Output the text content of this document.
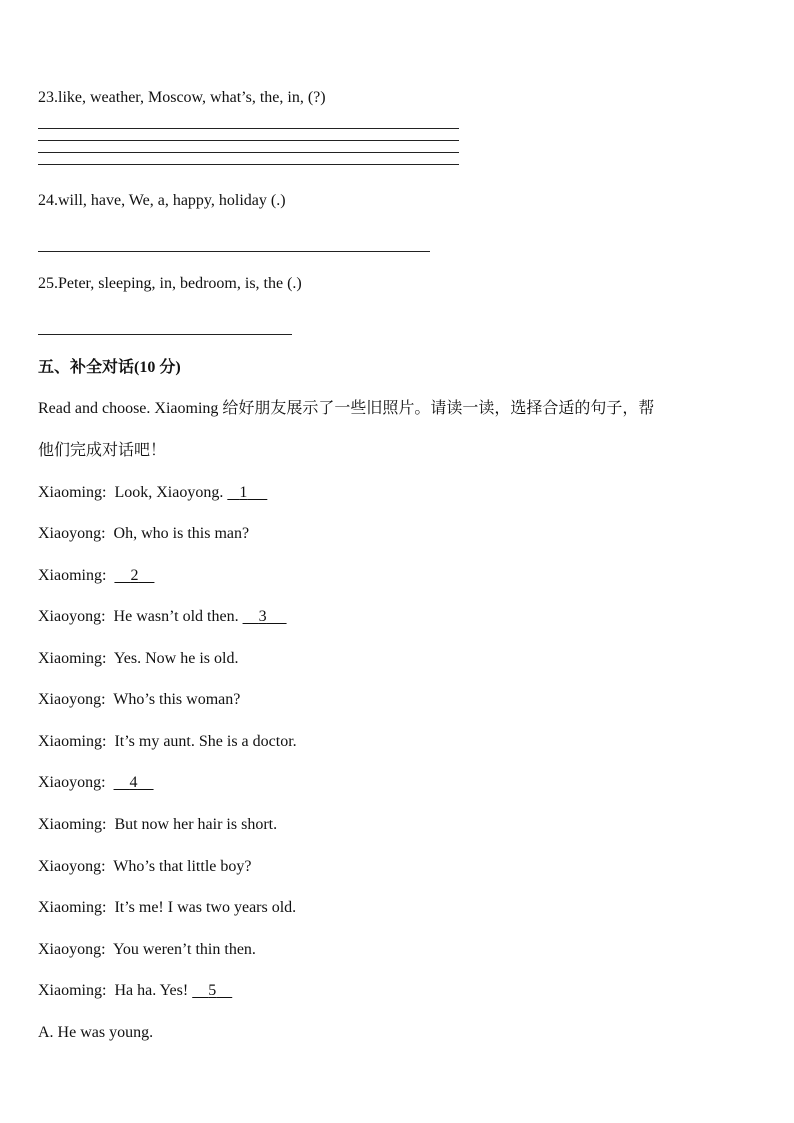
23.like, weather, Moscow, what’s, the, in, (?)
24.will, have, We, a, happy, holiday (.)
25.Peter, sleeping, in, bedroom, is, the (.)
五、补全对话(10 分)
Read and choose. Xiaoming 给好朋友展示了一些旧照片。请读一读，选择合适的句子，帮
他们完成对话吧！
Xiaoming: Look, Xiaoyong. 1
Xiaoyong: Oh, who is this man?
Xiaoming: 2
Xiaoyong: He wasn’t old then. 3
Xiaoming: Yes. Now he is old.
Xiaoyong: Who’s this woman?
Xiaoming: It’s my aunt. She is a doctor.
Xiaoyong: 4
Xiaoming: But now her hair is short.
Xiaoyong: Who’s that little boy?
Xiaoming: It’s me! I was two years old.
Xiaoyong: You weren’t thin then.
Xiaoming: Ha ha. Yes! 5
A. He was young.
